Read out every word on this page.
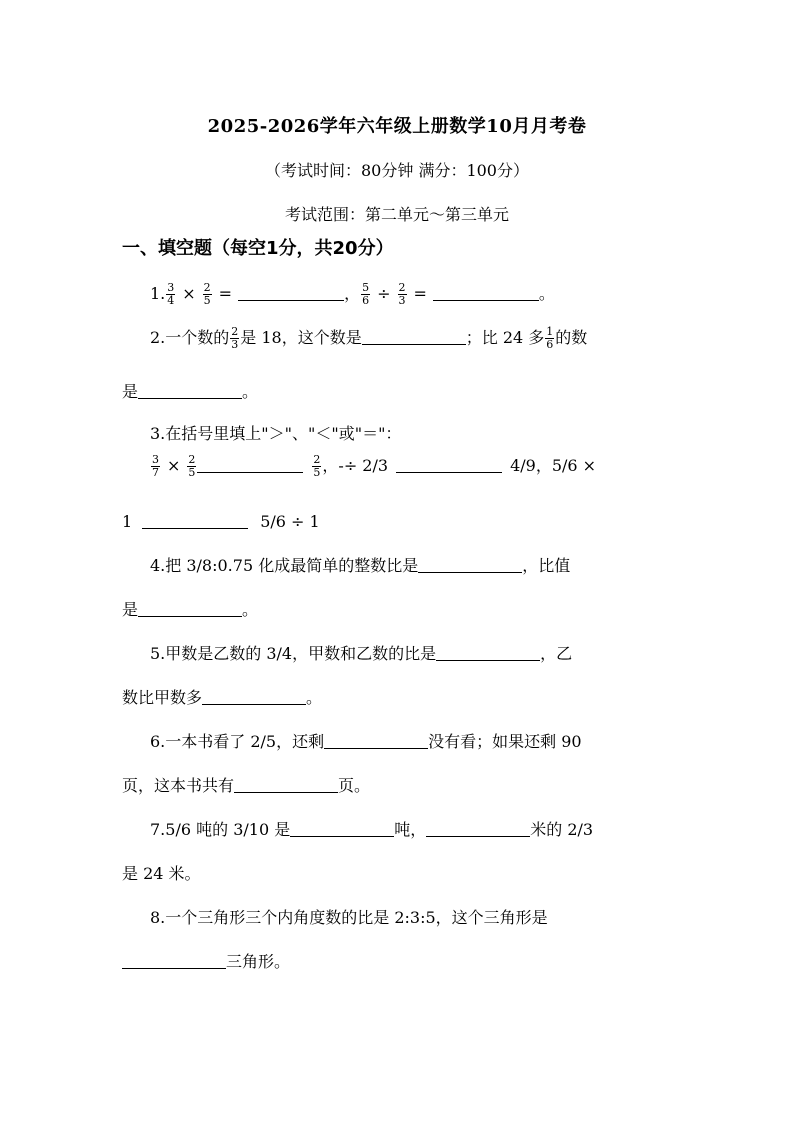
2025-2026学年六年级上册数学10月月考卷
（考试时间：80分钟 满分：100分）
考试范围：第二单元～第三单元
一、填空题（每空1分，共20分）
1. $\frac{3}{4} \times \frac{2}{5}$ =	， $\frac{5}{6} \div \frac{2}{3}$ =	。
2.一个数的 $\frac{2}{3}$ 是 18，这个数是	；比 24 多 $\frac{1}{6}$ 的数
是	。
3.在括号里填上"＞"、"＜"或"＝"：
$\frac{3}{7} \times \frac{2}{5}$	$\frac{2}{5}$ ，-÷ 2/3	4/9，5/6 ×
1	5/6 ÷ 1
4.把 3/8:0.75 化成最简单的整数比是	，比值
是	。
5.甲数是乙数的 3/4，甲数和乙数的比是	，乙
数比甲数多	。
6.一本书看了 2/5，还剩	没有看；如果还剩 90
页，这本书共有	页。
7.5/6 吨的 3/10 是	吨，	米的 2/3
是 24 米。
8.一个三角形三个内角度数的比是 2:3:5，这个三角形是
三角形。
